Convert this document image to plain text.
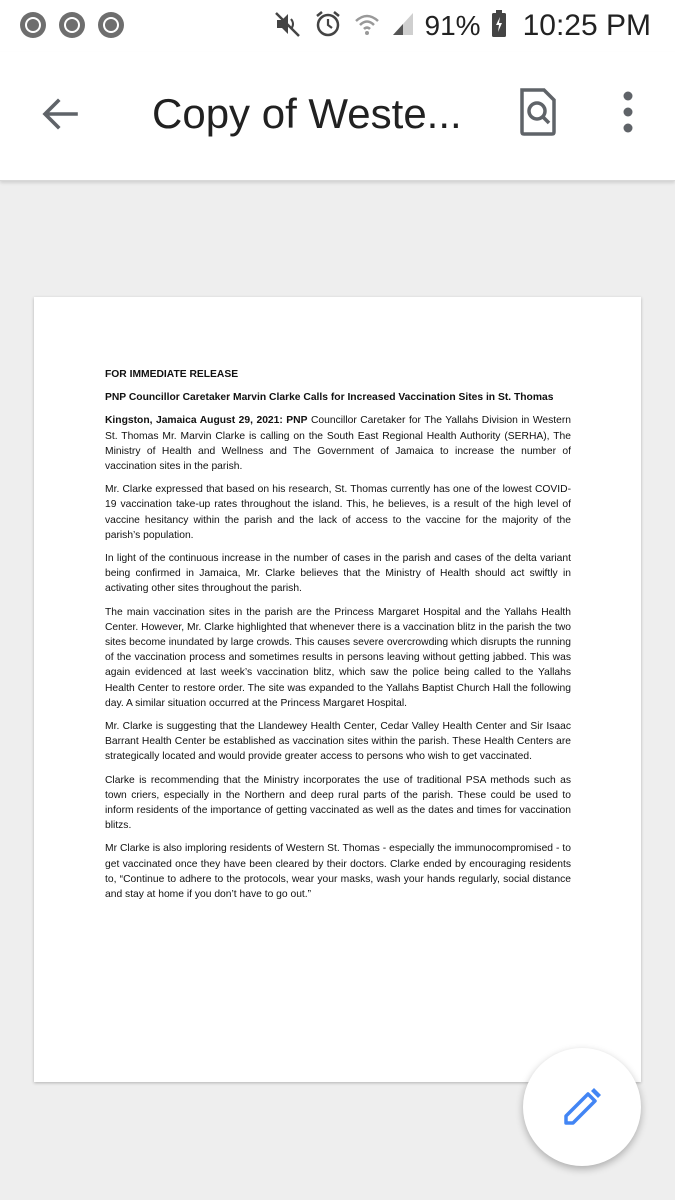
91% 10:25 PM
Copy of Weste...

FOR IMMEDIATE RELEASE

PNP Councillor Caretaker Marvin Clarke Calls for Increased Vaccination Sites in St. Thomas

Kingston, Jamaica August 29, 2021: PNP Councillor Caretaker for The Yallahs Division in Western St. Thomas Mr. Marvin Clarke is calling on the South East Regional Health Authority (SERHA), The Ministry of Health and Wellness and The Government of Jamaica to increase the number of vaccination sites in the parish.

Mr. Clarke expressed that based on his research, St. Thomas currently has one of the lowest COVID-19 vaccination take-up rates throughout the island. This, he believes, is a result of the high level of vaccine hesitancy within the parish and the lack of access to the vaccine for the majority of the parish’s population.

In light of the continuous increase in the number of cases in the parish and cases of the delta variant being confirmed in Jamaica, Mr. Clarke believes that the Ministry of Health should act swiftly in activating other sites throughout the parish.

The main vaccination sites in the parish are the Princess Margaret Hospital and the Yallahs Health Center. However, Mr. Clarke highlighted that whenever there is a vaccination blitz in the parish the two sites become inundated by large crowds. This causes severe overcrowding which disrupts the running of the vaccination process and sometimes results in persons leaving without getting jabbed. This was again evidenced at last week’s vaccination blitz, which saw the police being called to the Yallahs Health Center to restore order. The site was expanded to the Yallahs Baptist Church Hall the following day. A similar situation occurred at the Princess Margaret Hospital.

Mr. Clarke is suggesting that the Llandewey Health Center, Cedar Valley Health Center and Sir Isaac Barrant Health Center be established as vaccination sites within the parish. These Health Centers are strategically located and would provide greater access to persons who wish to get vaccinated.

Clarke is recommending that the Ministry incorporates the use of traditional PSA methods such as town criers, especially in the Northern and deep rural parts of the parish. These could be used to inform residents of the importance of getting vaccinated as well as the dates and times for vaccination blitzs.

Mr Clarke is also imploring residents of Western St. Thomas - especially the immunocompromised - to get vaccinated once they have been cleared by their doctors. Clarke ended by encouraging residents to, “Continue to adhere to the protocols, wear your masks, wash your hands regularly, social distance and stay at home if you don’t have to go out.”
